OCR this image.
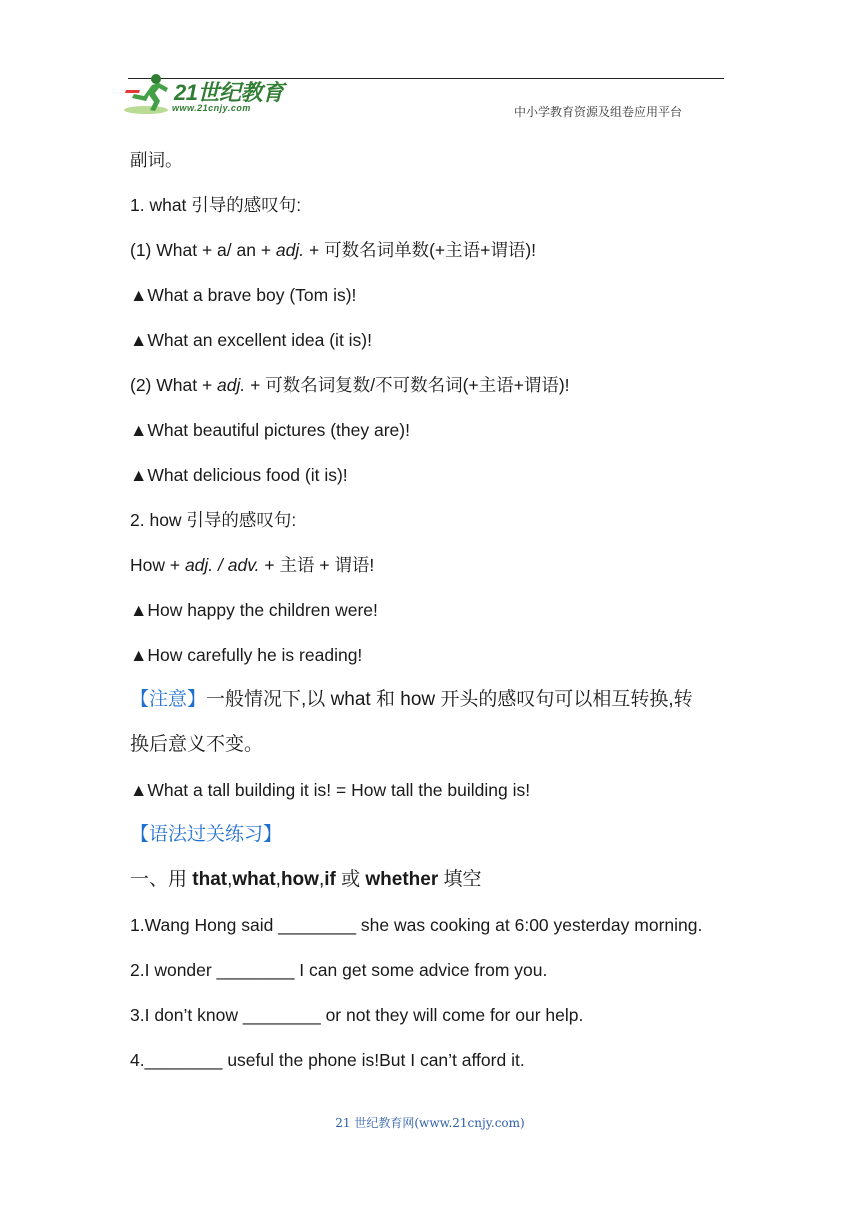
21世纪教育
www.21cnjy.com	中小学教育资源及组卷应用平台
副词。
1. what 引导的感叹句:
(1) What + a/ an + adj. + 可数名词单数(+主语+谓语)!
▲What a brave boy (Tom is)!
▲What an excellent idea (it is)!
(2) What + adj. + 可数名词复数/不可数名词(+主语+谓语)!
▲What beautiful pictures (they are)!
▲What delicious food (it is)!
2. how 引导的感叹句:
How + adj. / adv. + 主语 + 谓语!
▲How happy the children were!
▲How carefully he is reading!
【注意】一般情况下,以 what 和 how 开头的感叹句可以相互转换,转
换后意义不变。
▲What a tall building it is! = How tall the building is!
【语法过关练习】
一、用 that,what,how,if 或 whether 填空
1.Wang Hong said ________ she was cooking at 6:00 yesterday morning.
2.I wonder ________ I can get some advice from you.
3.I don’t know ________ or not they will come for our help.
4.________ useful the phone is!But I can’t afford it.
21 世纪教育网(www.21cnjy.com)
